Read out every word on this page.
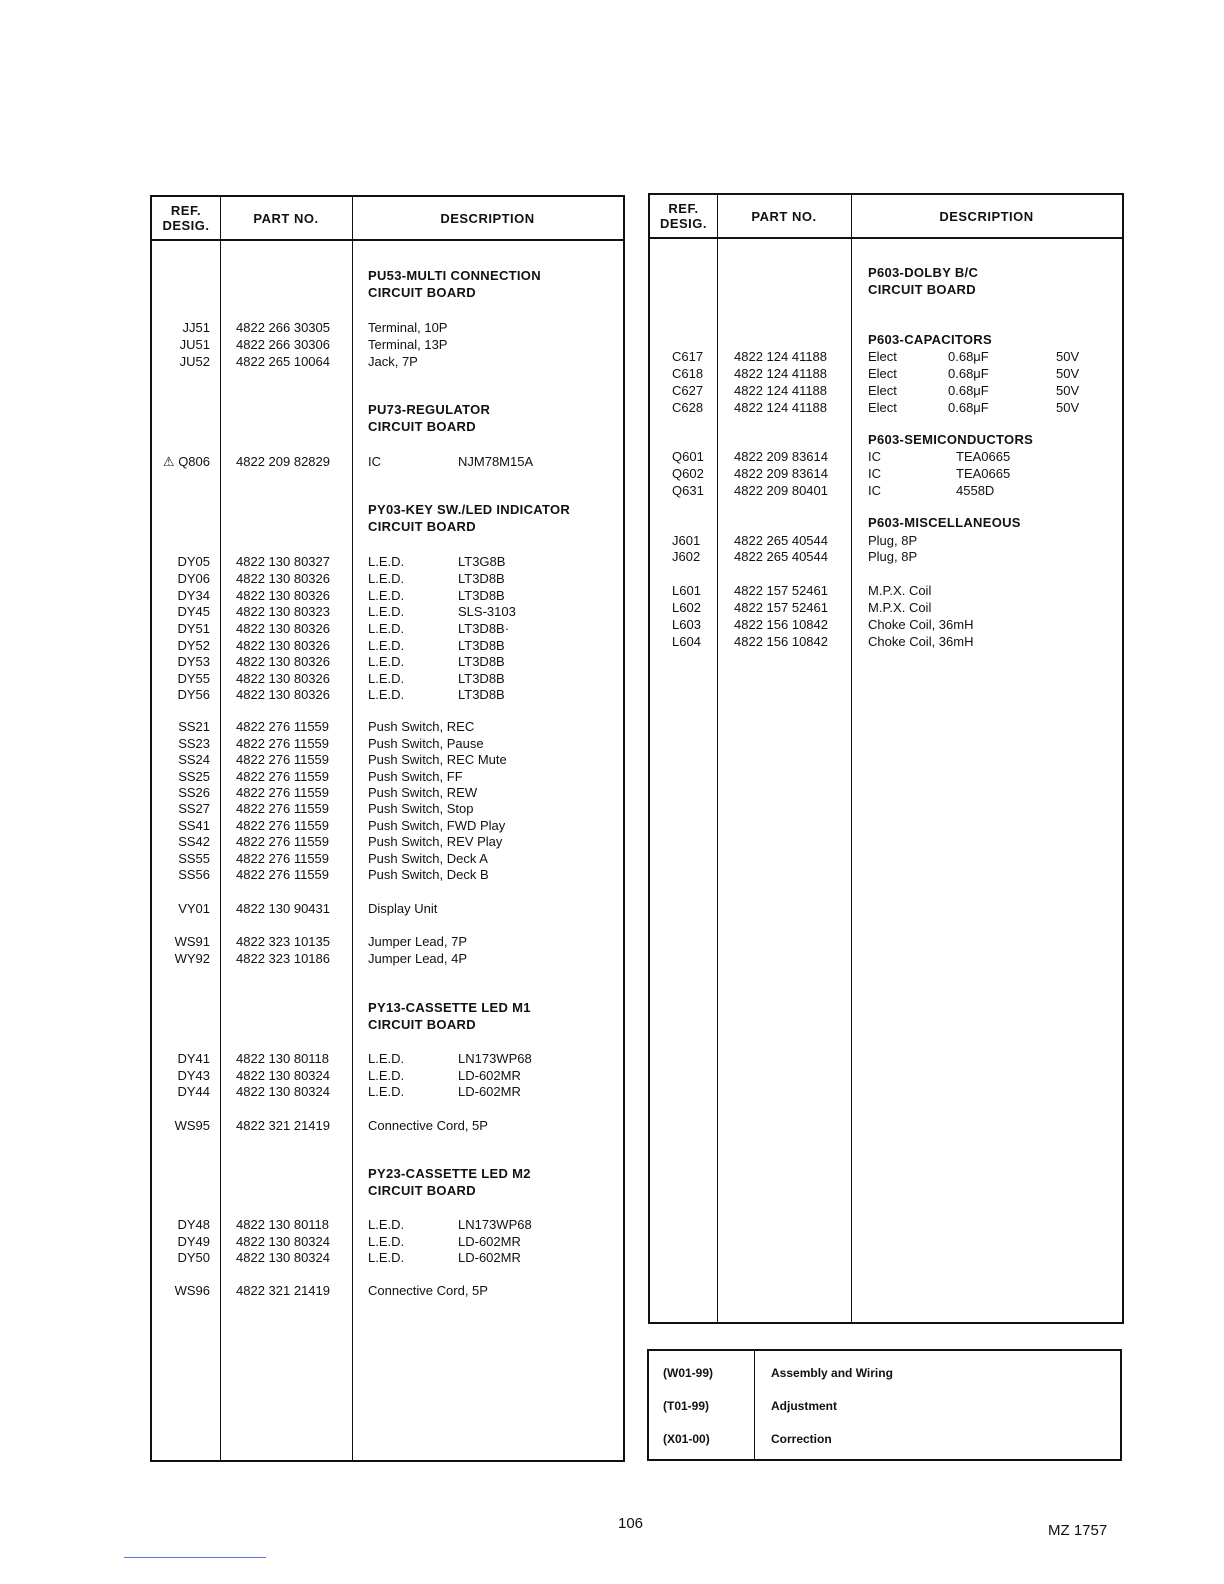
REF.
DESIG.	PART NO.	DESCRIPTION
PU53-MULTI CONNECTION
CIRCUIT BOARD
JJ51 4822 266 30305	Terminal, 10P
JU51 4822 266 30306	Terminal, 13P
JU52 4822 265 10064	Jack, 7P
PU73-REGULATOR
CIRCUIT BOARD
⚠ Q806 4822 209 82829	IC	NJM78M15A
PY03-KEY SW./LED INDICATOR
CIRCUIT BOARD
DY05 4822 130 80327	L.E.D.	LT3G8B
DY06 4822 130 80326	L.E.D.	LT3D8B
DY34 4822 130 80326	L.E.D.	LT3D8B
DY45 4822 130 80323	L.E.D.	SLS-3103
DY51 4822 130 80326	L.E.D.	LT3D8B·
DY52 4822 130 80326	L.E.D.	LT3D8B
DY53 4822 130 80326	L.E.D.	LT3D8B
DY55 4822 130 80326	L.E.D.	LT3D8B
DY56 4822 130 80326	L.E.D.	LT3D8B
SS21 4822 276 11559	Push Switch, REC
SS23 4822 276 11559	Push Switch, Pause
SS24 4822 276 11559	Push Switch, REC Mute
SS25 4822 276 11559	Push Switch, FF
SS26 4822 276 11559	Push Switch, REW
SS27 4822 276 11559	Push Switch, Stop
SS41 4822 276 11559	Push Switch, FWD Play
SS42 4822 276 11559	Push Switch, REV Play
SS55 4822 276 11559	Push Switch, Deck A
SS56 4822 276 11559	Push Switch, Deck B
VY01 4822 130 90431	Display Unit
WS91 4822 323 10135	Jumper Lead, 7P
WY92 4822 323 10186	Jumper Lead, 4P
PY13-CASSETTE LED M1
CIRCUIT BOARD
DY41 4822 130 80118	L.E.D.	LN173WP68
DY43 4822 130 80324	L.E.D.	LD-602MR
DY44 4822 130 80324	L.E.D.	LD-602MR
WS95 4822 321 21419	Connective Cord, 5P
PY23-CASSETTE LED M2
CIRCUIT BOARD
DY48 4822 130 80118	L.E.D.	LN173WP68
DY49 4822 130 80324	L.E.D.	LD-602MR
DY50 4822 130 80324	L.E.D.	LD-602MR
WS96 4822 321 21419	Connective Cord, 5P
REF.
DESIG.	PART NO.	DESCRIPTION
P603-DOLBY B/C
CIRCUIT BOARD
P603-CAPACITORS
C617 4822 124 41188	Elect	0.68μF	50V
C618 4822 124 41188	Elect	0.68μF	50V
C627 4822 124 41188	Elect	0.68μF	50V
C628 4822 124 41188	Elect	0.68μF	50V
P603-SEMICONDUCTORS
Q601 4822 209 83614	IC	TEA0665
Q602 4822 209 83614	IC	TEA0665
Q631 4822 209 80401	IC	4558D
P603-MISCELLANEOUS
J601	4822 265 40544	Plug, 8P
J602	4822 265 40544	Plug, 8P
L601	4822 157 52461	M.P.X. Coil
L602	4822 157 52461	M.P.X. Coil
L603	4822 156 10842	Choke Coil, 36mH
L604	4822 156 10842	Choke Coil, 36mH
(W01-99)	Assembly and Wiring
(T01-99)	Adjustment
(X01-00)	Correction
106	MZ 1757
